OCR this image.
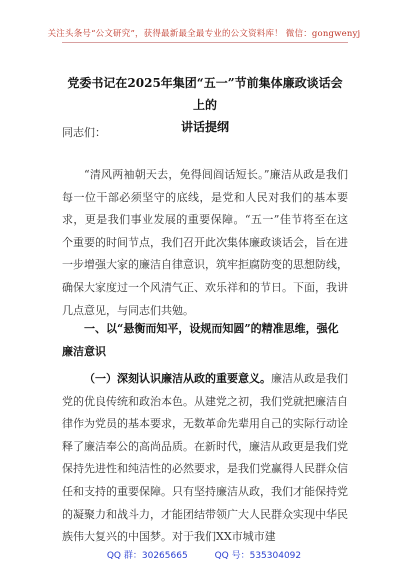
关注头条号“公文研究”，获得最新最全最专业的公文资料库！ 微信：gongwenyj
党委书记在2025年集团“五一”节前集体廉政谈话会上的
讲话提纲
同志们：
“清风两袖朝天去，免得闾阎话短长。”廉洁从政是我们每一位干部必须坚守的底线，是党和人民对我们的基本要求，更是我们事业发展的重要保障。“五一”佳节将至在这个重要的时间节点，我们召开此次集体廉政谈话会，旨在进一步增强大家的廉洁自律意识，筑牢拒腐防变的思想防线，确保大家度过一个风清气正、欢乐祥和的节日。下面，我讲几点意见，与同志们共勉。
一、以“悬衡而知平，设规而知圆”的精准思维，强化廉洁意识
（一）深刻认识廉洁从政的重要意义。廉洁从政是我们党的优良传统和政治本色。从建党之初，我们党就把廉洁自律作为党员的基本要求，无数革命先辈用自己的实际行动诠释了廉洁奉公的高尚品质。在新时代，廉洁从政更是我们党保持先进性和纯洁性的必然要求，是我们党赢得人民群众信任和支持的重要保障。只有坚持廉洁从政，我们才能保持党的凝聚力和战斗力，才能团结带领广大人民群众实现中华民族伟大复兴的中国梦。对于我们XX市城市建
QQ 群：30265665	QQ 号：535304092
